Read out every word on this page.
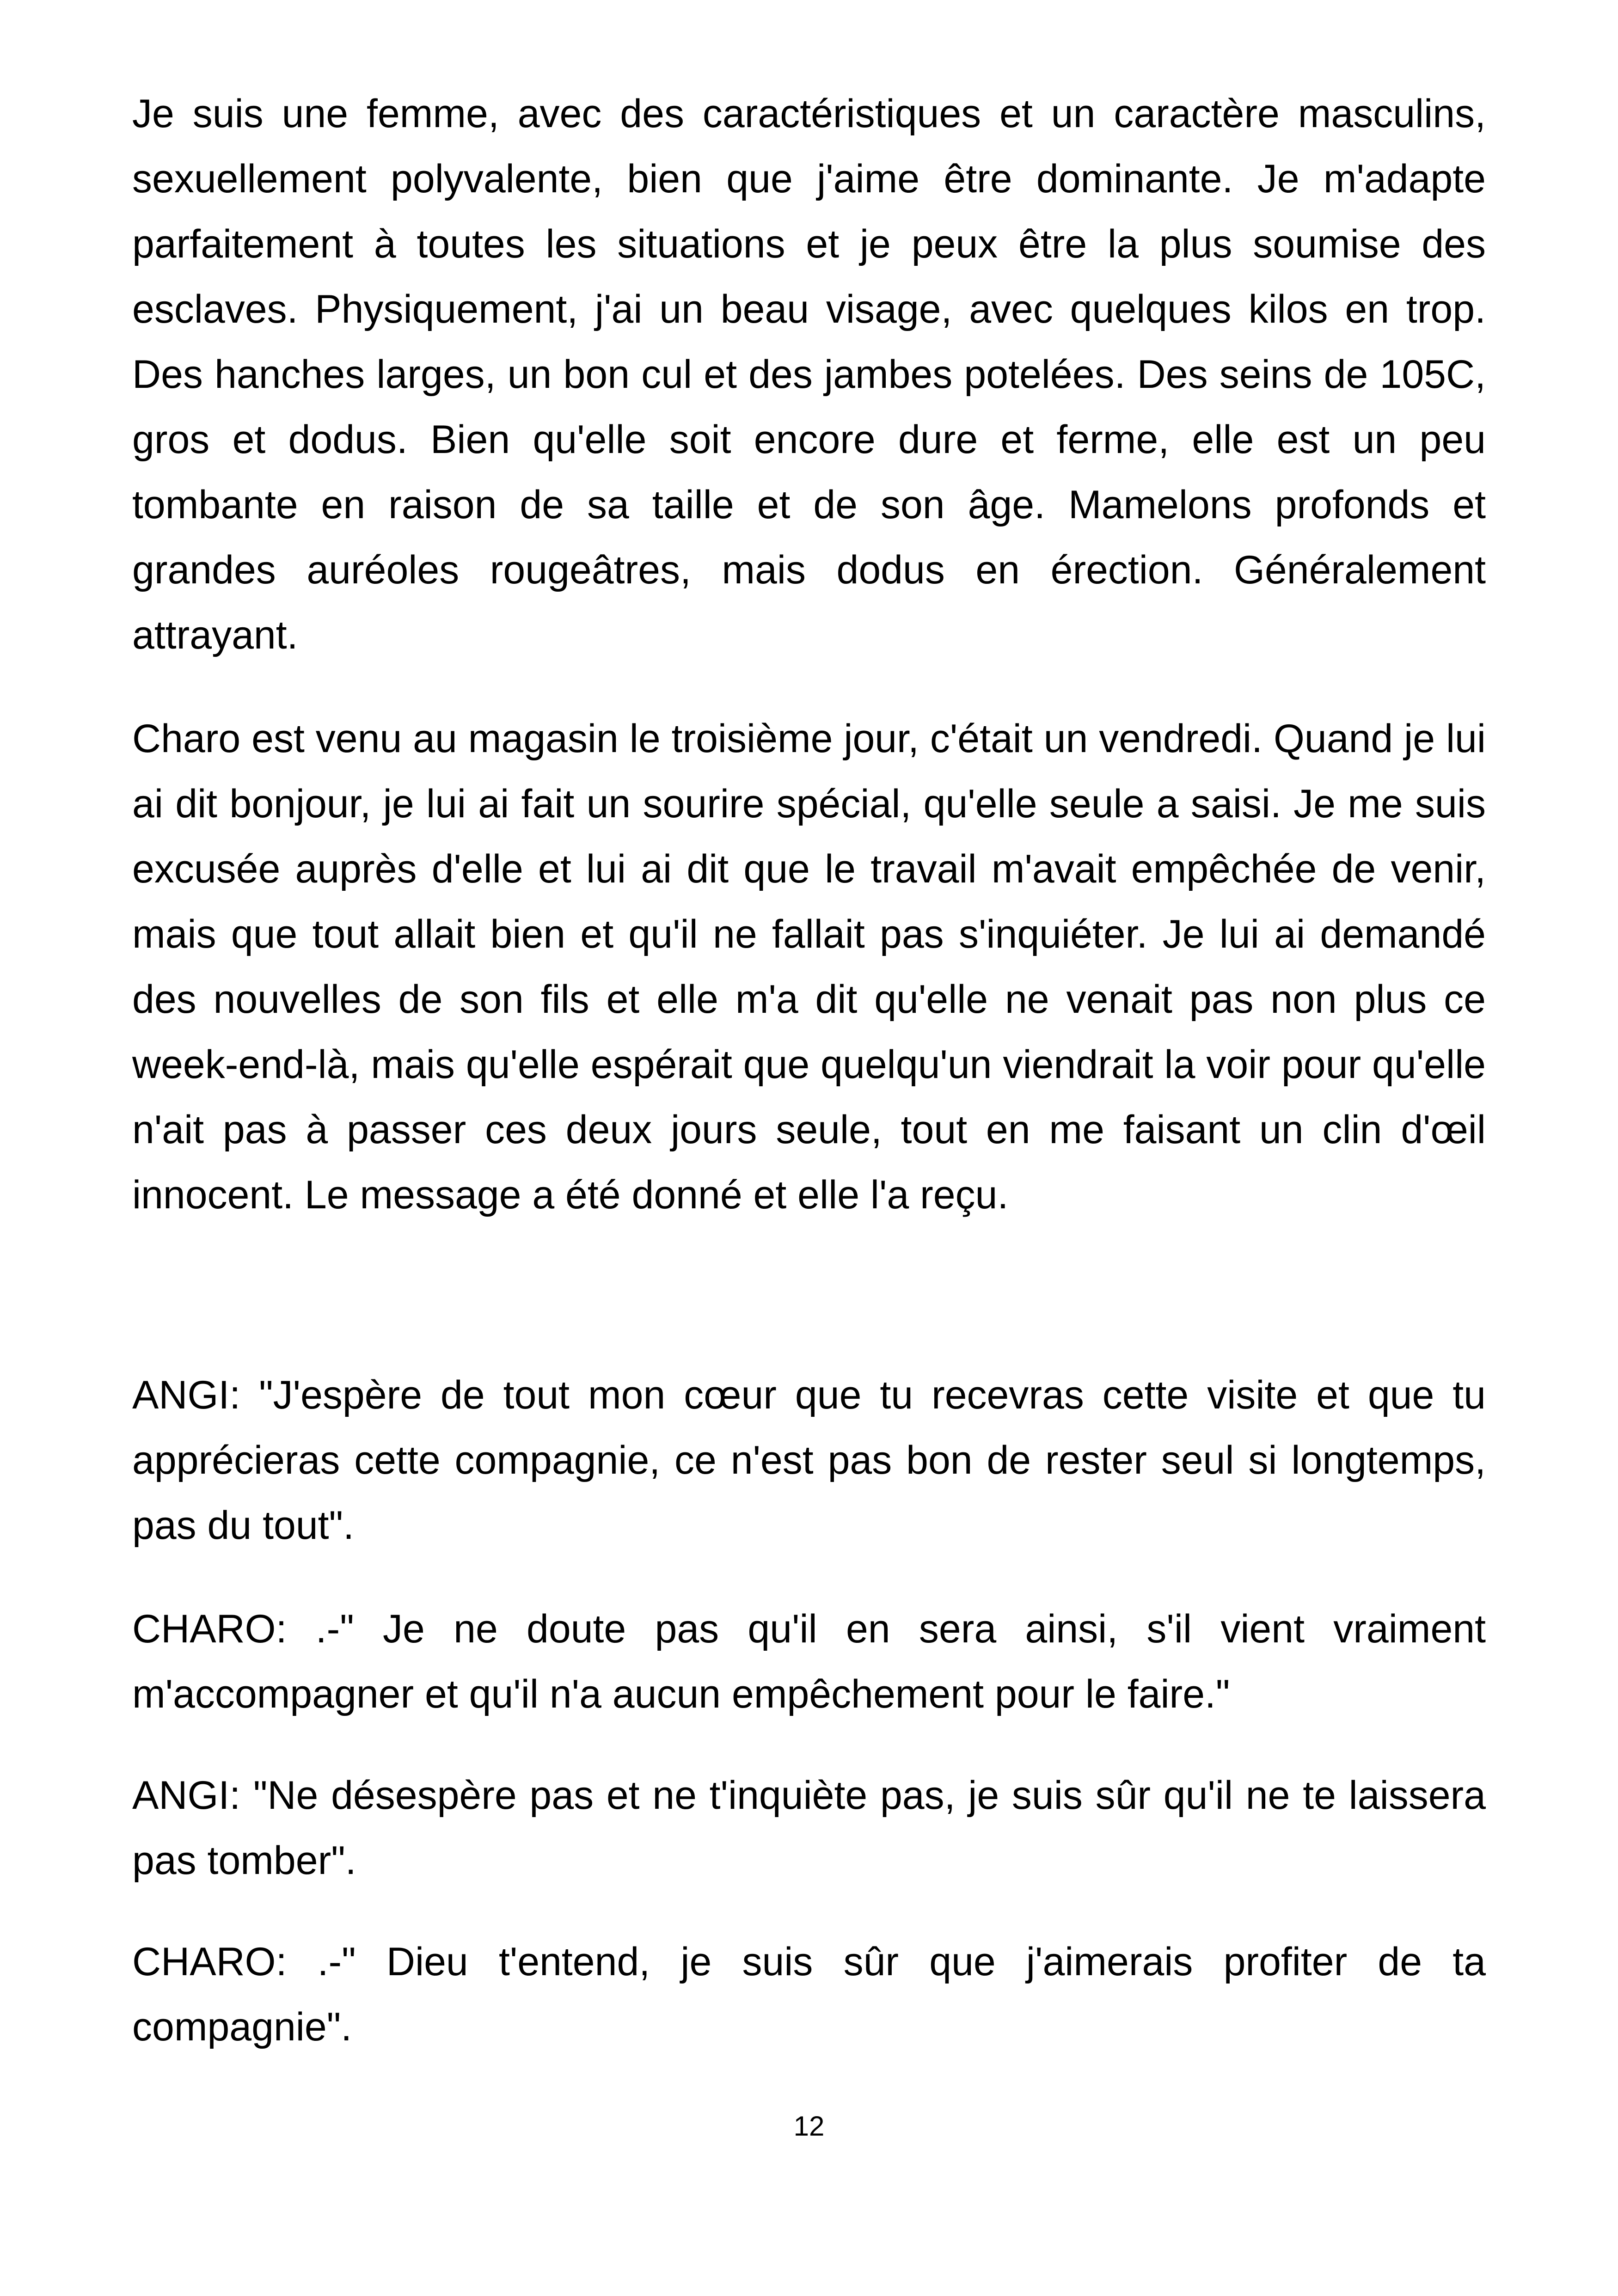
Je suis une femme, avec des caractéristiques et un caractère masculins, sexuellement polyvalente, bien que j'aime être dominante. Je m'adapte parfaitement à toutes les situations et je peux être la plus soumise des esclaves. Physiquement, j'ai un beau visage, avec quelques kilos en trop. Des hanches larges, un bon cul et des jambes potelées. Des seins de 105C, gros et dodus. Bien qu'elle soit encore dure et ferme, elle est un peu tombante en raison de sa taille et de son âge. Mamelons profonds et grandes auréoles rougeâtres, mais dodus en érection. Généralement attrayant.

Charo est venu au magasin le troisième jour, c'était un vendredi. Quand je lui ai dit bonjour, je lui ai fait un sourire spécial, qu'elle seule a saisi. Je me suis excusée auprès d'elle et lui ai dit que le travail m'avait empêchée de venir, mais que tout allait bien et qu'il ne fallait pas s'inquiéter. Je lui ai demandé des nouvelles de son fils et elle m'a dit qu'elle ne venait pas non plus ce week-end-là, mais qu'elle espérait que quelqu'un viendrait la voir pour qu'elle n'ait pas à passer ces deux jours seule, tout en me faisant un clin d'œil innocent. Le message a été donné et elle l'a reçu.

ANGI: "J'espère de tout mon cœur que tu recevras cette visite et que tu apprécieras cette compagnie, ce n'est pas bon de rester seul si longtemps, pas du tout".

CHARO: .-" Je ne doute pas qu'il en sera ainsi, s'il vient vraiment m'accompagner et qu'il n'a aucun empêchement pour le faire."

ANGI: "Ne désespère pas et ne t'inquiète pas, je suis sûr qu'il ne te laissera pas tomber".

CHARO: .-" Dieu t'entend, je suis sûr que j'aimerais profiter de ta compagnie".

12
